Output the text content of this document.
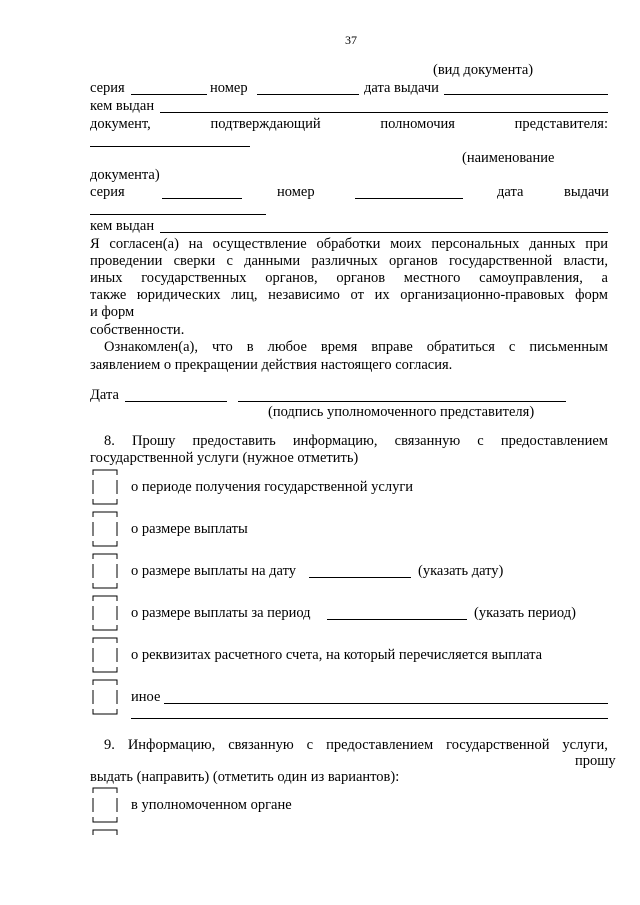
37
(вид документа)
серия	номер	дата выдачи
кем выдан
документ,	подтверждающий	полномочия	представителя:
(наименование
документа)
серия	номер	дата	выдачи
кем выдан
Я согласен(а) на осуществление обработки моих персональных данных при
проведении сверки с данными различных органов государственной власти,
иных государственных органов, органов местного самоуправления, а
также юридических лиц, независимо от их организационно-правовых форм
и форм
собственности.
Ознакомлен(а), что в любое время вправе обратиться с письменным
заявлением о прекращении действия настоящего согласия.
Дата
(подпись уполномоченного представителя)
8. Прошу предоставить информацию, связанную с предоставлением
государственной услуги (нужное отметить)
о периоде получения государственной услуги
о размере выплаты
о размере выплаты на дату	(указать дату)
о размере выплаты за период	(указать период)
о реквизитах расчетного счета, на который перечисляется выплата
иное
9. Информацию, связанную с предоставлением государственной услуги,
прошу
выдать (направить) (отметить один из вариантов):
в уполномоченном органе
